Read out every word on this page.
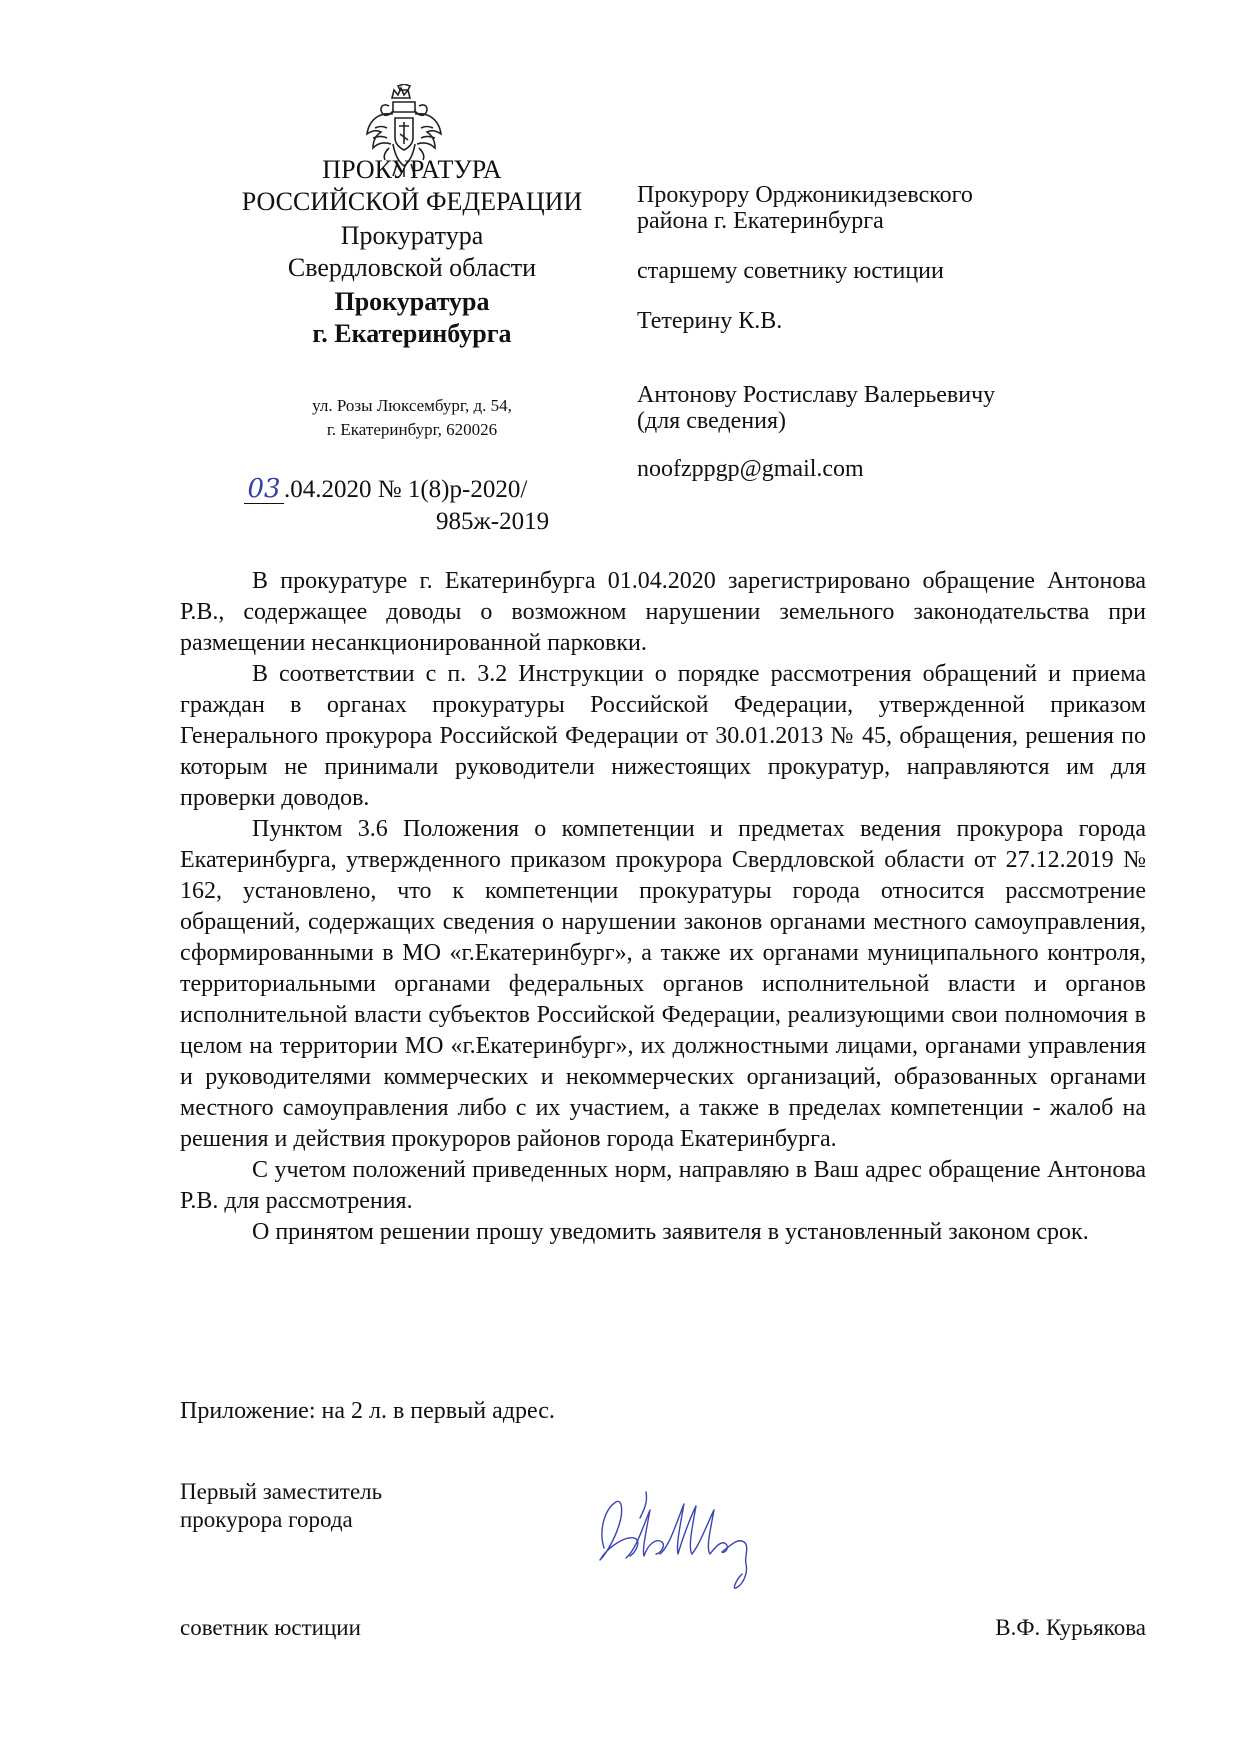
ПРОКУРАТУРА
РОССИЙСКОЙ ФЕДЕРАЦИИ
Прокуратура
Свердловской области
Прокуратура
г. Екатеринбурга
ул. Розы Люксембург, д. 54,
г. Екатеринбург, 620026
03 .04.2020 № 1(8)р-2020/
985ж-2019
Прокурору Орджоникидзевского
района г. Екатеринбурга
старшему советнику юстиции
Тетерину К.В.
Антонову Ростиславу Валерьевичу
(для сведения)
noofzppgp@gmail.com

В прокуратуре г. Екатеринбурга 01.04.2020 зарегистрировано обращение Антонова Р.В., содержащее доводы о возможном нарушении земельного законодательства при размещении несанкционированной парковки.

В соответствии с п. 3.2 Инструкции о порядке рассмотрения обращений и приема граждан в органах прокуратуры Российской Федерации, утвержденной приказом Генерального прокурора Российской Федерации от 30.01.2013 № 45, обращения, решения по которым не принимали руководители нижестоящих прокуратур, направляются им для проверки доводов.

Пунктом 3.6 Положения о компетенции и предметах ведения прокурора города Екатеринбурга, утвержденного приказом прокурора Свердловской области от 27.12.2019 № 162, установлено, что к компетенции прокуратуры города относится рассмотрение обращений, содержащих сведения о нарушении законов органами местного самоуправления, сформированными в МО «г.Екатеринбург», а также их органами муниципального контроля, территориальными органами федеральных органов исполнительной власти и органов исполнительной власти субъектов Российской Федерации, реализующими свои полномочия в целом на территории МО «г.Екатеринбург», их должностными лицами, органами управления и руководителями коммерческих и некоммерческих организаций, образованных органами местного самоуправления либо с их участием, а также в пределах компетенции - жалоб на решения и действия прокуроров районов города Екатеринбурга.

С учетом положений приведенных норм, направляю в Ваш адрес обращение Антонова Р.В. для рассмотрения.

О принятом решении прошу уведомить заявителя в установленный законом срок.

Приложение: на 2 л. в первый адрес.
Первый заместитель
прокурора города
советник юстиции	В.Ф. Курьякова
